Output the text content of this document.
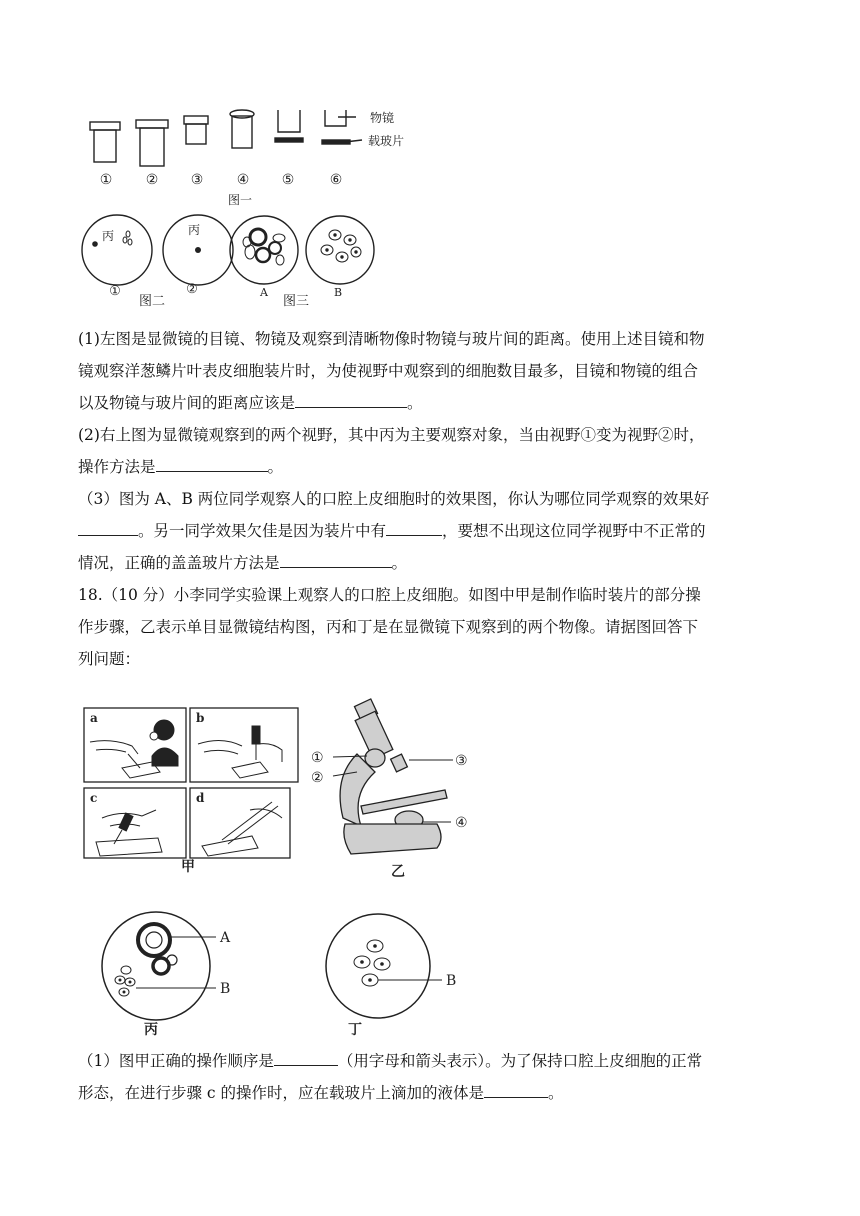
物镜
载玻片
① ② ③ ④ ⑤	⑥
图一
丙	丙
①
图二
②	A
图三
B

(1)左图是显微镜的目镜、物镜及观察到清晰物像时物镜与玻片间的距离。使用上述目镜和物

镜观察洋葱鳞片叶表皮细胞装片时，为使视野中观察到的细胞数目最多，目镜和物镜的组合

以及物镜与玻片间的距离应该是	。

(2)右上图为显微镜观察到的两个视野，其中丙为主要观察对象，当由视野①变为视野②时，

操作方法是	。

（3）图为 A、B 两位同学观察人的口腔上皮细胞时的效果图，你认为哪位同学观察的效果好

。另一同学效果欠佳是因为装片中有	，要想不出现这位同学视野中不正常的

情况，正确的盖盖玻片方法是	。

18.（10 分）小李同学实验课上观察人的口腔上皮细胞。如图中甲是制作临时装片的部分操

作步骤，乙表示单目显微镜结构图，丙和丁是在显微镜下观察到的两个物像。请据图回答下

列问题：

a	b
c	d
甲
①
②
③
④
乙
A
B
丙
B
丁

（1）图甲正确的操作顺序是	（用字母和箭头表示）。为了保持口腔上皮细胞的正常

形态，在进行步骤 c 的操作时，应在载玻片上滴加的液体是	。
